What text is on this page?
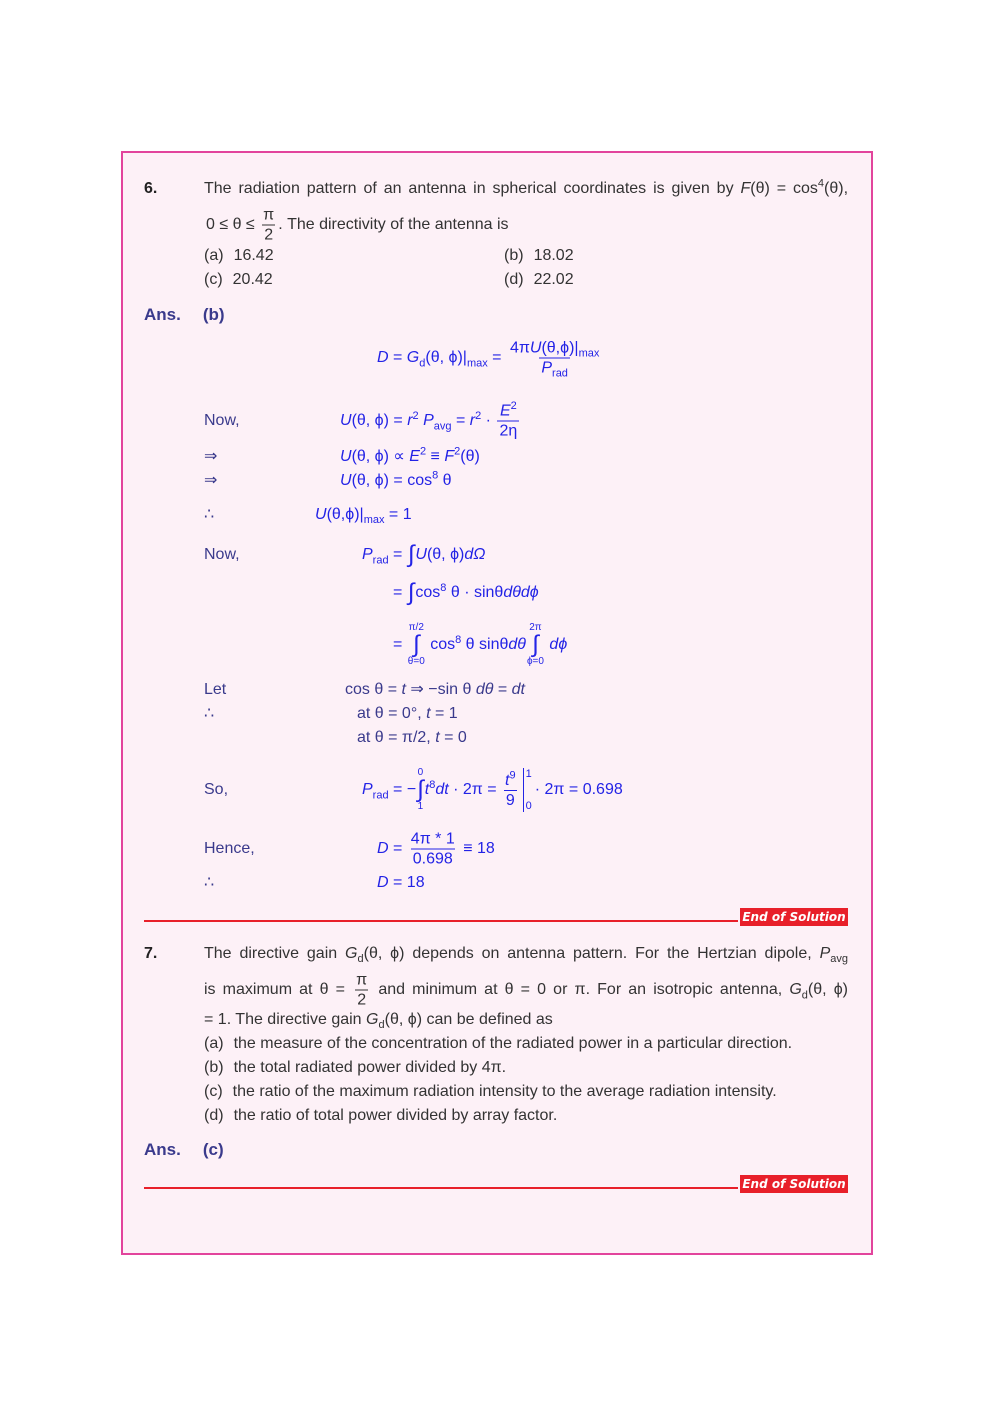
6.	The radiation pattern of an antenna in spherical coordinates is given by $F(\theta) = \cos^4(\theta)$,
$0 \le \theta \le \frac{\pi}{2}$ . The directivity of the antenna is
(a) 16.42	(b) 18.02
(c) 20.42	(d) 22.02
Ans. (b)
$D = G_d(\theta$, $\phi)|_{max} = \frac{4\pi U(\theta,\phi)|_{max}}{P_{rad}}$
Now,	U(θ, $\phi) = r^2$ $P_{avg} = r^2 \cdot \frac{E^2}{2\eta}$
⇒	U(θ, $\phi) \propto E^2 \equiv F^2(\theta)$
⇒	U(θ, $\phi) = \cos^8 \theta$
∴	$U(\theta,\phi)|_{max} = 1$
Now,	$P_{rad}$ = ∫ U(θ, ϕ)dΩ
= ∫ $\cos^8 \theta \cdot \sin\theta d\theta d\phi$
=
π/2
∫
θ=0
$\cos^8 \theta$ sinθdθ
2π
∫
ϕ=0
dϕ
Let	cos θ = t ⇒ −sin θ dθ = dt
∴	at θ = 0°, t = 1
at θ = π/2, t = 0
So,	$P_{rad}$ = −
0
∫
1
$t^8dt \cdot 2\pi = \frac{t^9}{9} 1$
0
· 2π = 0.698
Hence,	$D = \frac{4\pi * 1}{0.698} \equiv 18$
∴	D = 18
End of Solution
7.	The directive gain $G_d(\theta$, ϕ) depends on antenna pattern. For the Hertzian dipole, $P_{avg}$
is maximum at $\theta = \frac{\pi}{2}$ and minimum at θ = 0 or π. For an isotropic antenna, $G_d(\theta$, ϕ)
= 1. The directive gain $G_d(\theta$, ϕ) can be defined as
(a) the measure of the concentration of the radiated power in a particular direction.
(b) the total radiated power divided by 4π.
(c) the ratio of the maximum radiation intensity to the average radiation intensity.
(d) the ratio of total power divided by array factor.
Ans. (c)
End of Solution
